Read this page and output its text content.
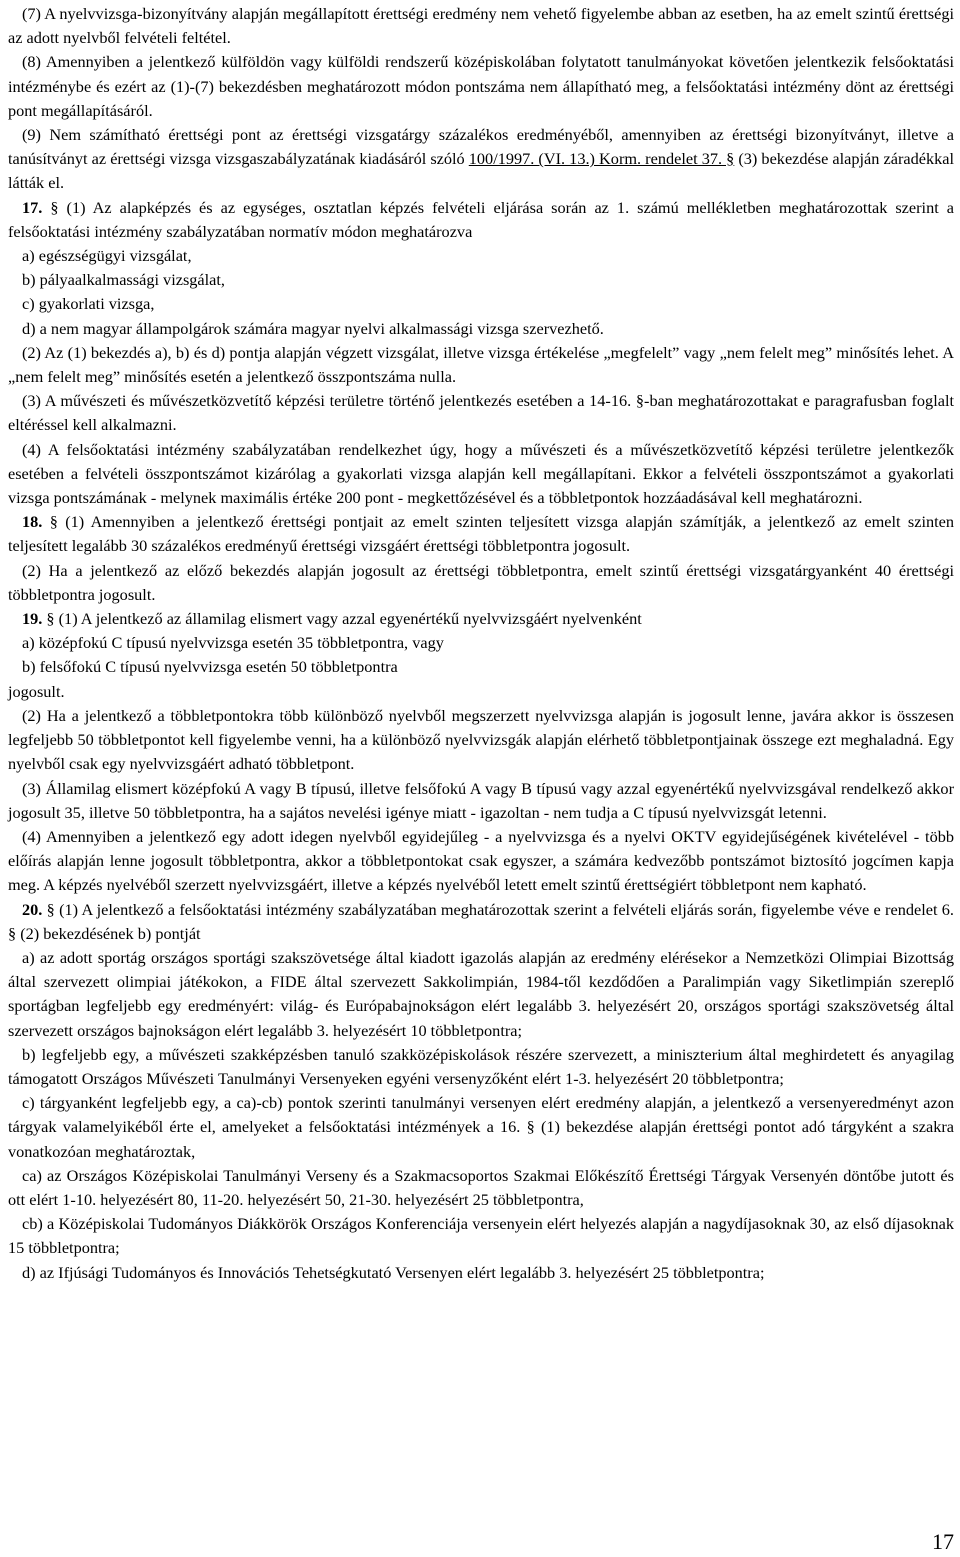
(7) A nyelvvizsga-bizonyítvány alapján megállapított érettségi eredmény nem vehető figyelembe abban az esetben, ha az emelt szintű érettségi az adott nyelvből felvételi feltétel.

(8) Amennyiben a jelentkező külföldön vagy külföldi rendszerű középiskolában folytatott tanulmányokat követően jelentkezik felsőoktatási intézménybe és ezért az (1)-(7) bekezdésben meghatározott módon pontszáma nem állapítható meg, a felsőoktatási intézmény dönt az érettségi pont megállapításáról.

(9) Nem számítható érettségi pont az érettségi vizsgatárgy százalékos eredményéből, amennyiben az érettségi bizonyítványt, illetve a tanúsítványt az érettségi vizsga vizsgaszabályzatának kiadásáról szóló 100/1997. (VI. 13.) Korm. rendelet 37. § (3) bekezdése alapján záradékkal látták el.

17. § (1) Az alapképzés és az egységes, osztatlan képzés felvételi eljárása során az 1. számú mellékletben meghatározottak szerint a felsőoktatási intézmény szabályzatában normatív módon meghatározva

a) egészségügyi vizsgálat,

b) pályaalkalmassági vizsgálat,

c) gyakorlati vizsga,

d) a nem magyar állampolgárok számára magyar nyelvi alkalmassági vizsga szervezhető.

(2) Az (1) bekezdés a), b) és d) pontja alapján végzett vizsgálat, illetve vizsga értékelése „megfelelt” vagy „nem felelt meg” minősítés lehet. A „nem felelt meg” minősítés esetén a jelentkező összpontszáma nulla.

(3) A művészeti és művészetközvetítő képzési területre történő jelentkezés esetében a 14-16. §-ban meghatározottakat e paragrafusban foglalt eltéréssel kell alkalmazni.

(4) A felsőoktatási intézmény szabályzatában rendelkezhet úgy, hogy a művészeti és a művészetközvetítő képzési területre jelentkezők esetében a felvételi összpontszámot kizárólag a gyakorlati vizsga alapján kell megállapítani. Ekkor a felvételi összpontszámot a gyakorlati vizsga pontszámának - melynek maximális értéke 200 pont - megkettőzésével és a többletpontok hozzáadásával kell meghatározni.

18. § (1) Amennyiben a jelentkező érettségi pontjait az emelt szinten teljesített vizsga alapján számítják, a jelentkező az emelt szinten teljesített legalább 30 százalékos eredményű érettségi vizsgáért érettségi többletpontra jogosult.

(2) Ha a jelentkező az előző bekezdés alapján jogosult az érettségi többletpontra, emelt szintű érettségi vizsgatárgyanként 40 érettségi többletpontra jogosult.

19. § (1) A jelentkező az államilag elismert vagy azzal egyenértékű nyelvvizsgáért nyelvenként

a) középfokú C típusú nyelvvizsga esetén 35 többletpontra, vagy

b) felsőfokú C típusú nyelvvizsga esetén 50 többletpontra

jogosult.

(2) Ha a jelentkező a többletpontokra több különböző nyelvből megszerzett nyelvvizsga alapján is jogosult lenne, javára akkor is összesen legfeljebb 50 többletpontot kell figyelembe venni, ha a különböző nyelvvizsgák alapján elérhető többletpontjainak összege ezt meghaladná. Egy nyelvből csak egy nyelvvizsgáért adható többletpont.

(3) Államilag elismert középfokú A vagy B típusú, illetve felsőfokú A vagy B típusú vagy azzal egyenértékű nyelvvizsgával rendelkező akkor jogosult 35, illetve 50 többletpontra, ha a sajátos nevelési igénye miatt - igazoltan - nem tudja a C típusú nyelvvizsgát letenni.

(4) Amennyiben a jelentkező egy adott idegen nyelvből egyidejűleg - a nyelvvizsga és a nyelvi OKTV egyidejűségének kivételével - több előírás alapján lenne jogosult többletpontra, akkor a többletpontokat csak egyszer, a számára kedvezőbb pontszámot biztosító jogcímen kapja meg. A képzés nyelvéből szerzett nyelvvizsgáért, illetve a képzés nyelvéből letett emelt szintű érettségiért többletpont nem kapható.

20. § (1) A jelentkező a felsőoktatási intézmény szabályzatában meghatározottak szerint a felvételi eljárás során, figyelembe véve e rendelet 6. § (2) bekezdésének b) pontját

a) az adott sportág országos sportági szakszövetsége által kiadott igazolás alapján az eredmény elérésekor a Nemzetközi Olimpiai Bizottság által szervezett olimpiai játékokon, a FIDE által szervezett Sakkolimpián, 1984-től kezdődően a Paralimpián vagy Siketlimpián szereplő sportágban legfeljebb egy eredményért: világ- és Európabajnokságon elért legalább 3. helyezésért 20, országos sportági szakszövetség által szervezett országos bajnokságon elért legalább 3. helyezésért 10 többletpontra;

b) legfeljebb egy, a művészeti szakképzésben tanuló szakközépiskolások részére szervezett, a miniszterium által meghirdetett és anyagilag támogatott Országos Művészeti Tanulmányi Versenyeken egyéni versenyzőként elért 1-3. helyezésért 20 többletpontra;

c) tárgyanként legfeljebb egy, a ca)-cb) pontok szerinti tanulmányi versenyen elért eredmény alapján, a jelentkező a versenyeredményt azon tárgyak valamelyikéből érte el, amelyeket a felsőoktatási intézmények a 16. § (1) bekezdése alapján érettségi pontot adó tárgyként a szakra vonatkozóan meghatároztak,

ca) az Országos Középiskolai Tanulmányi Verseny és a Szakmacsoportos Szakmai Előkészítő Érettségi Tárgyak Versenyén döntőbe jutott és ott elért 1-10. helyezésért 80, 11-20. helyezésért 50, 21-30. helyezésért 25 többletpontra,

cb) a Középiskolai Tudományos Diákkörök Országos Konferenciája versenyein elért helyezés alapján a nagydíjasoknak 30, az első díjasoknak 15 többletpontra;

d) az Ifjúsági Tudományos és Innovációs Tehetségkutató Versenyen elért legalább 3. helyezésért 25 többletpontra;

17
